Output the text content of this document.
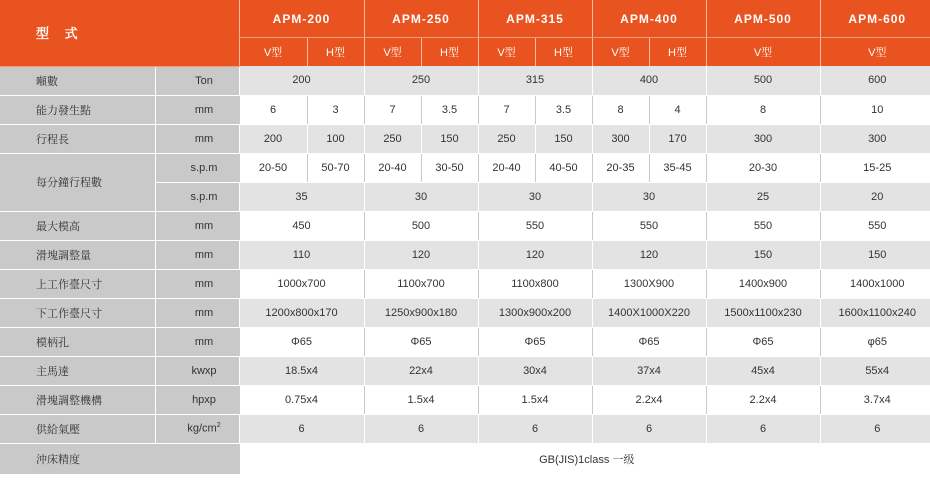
型 式		APM-200		APM-250		APM-315		APM-400		APM-500	APM-600
		V型	H型	V型	H型	V型	H型	V型	H型	V型	V型
噸數	Ton	200		250		315		400		500	600
能力發生點	mm	6	3	7	3.5	7	3.5	8	4	8	10
行程長	mm	200	100	250	150	250	150	300	170	300	300
每分鐘行程數	s.p.m	20-50	50-70	20-40	30-50	20-40	40-50	20-35	35-45	20-30	15-25
	s.p.m	35		30		30		30		25	20
最大模高	mm	450		500		550		550		550	550
滑塊調整量	mm	110		120		120		120		150	150
上工作臺尺寸	mm	1000x700		1100x700		1100x800		1300X900		1400x900	1400x1000
下工作臺尺寸	mm	1200x800x170		1250x900x180		1300x900x200		1400X1000X220		1500x1100x230	1600x1100x240
模柄孔	mm	Φ65		Φ65		Φ65		Φ65		Φ65	φ65
主馬達	kwxp	18.5x4		22x4		30x4		37x4		45x4	55x4
滑塊調整機構	hpxp	0.75x4		1.5x4		1.5x4		2.2x4		2.2x4	3.7x4
供給氣壓	$kg/cm^2$	6		6		6		6		6	6
沖床精度		GB(JIS)1class 一级									
